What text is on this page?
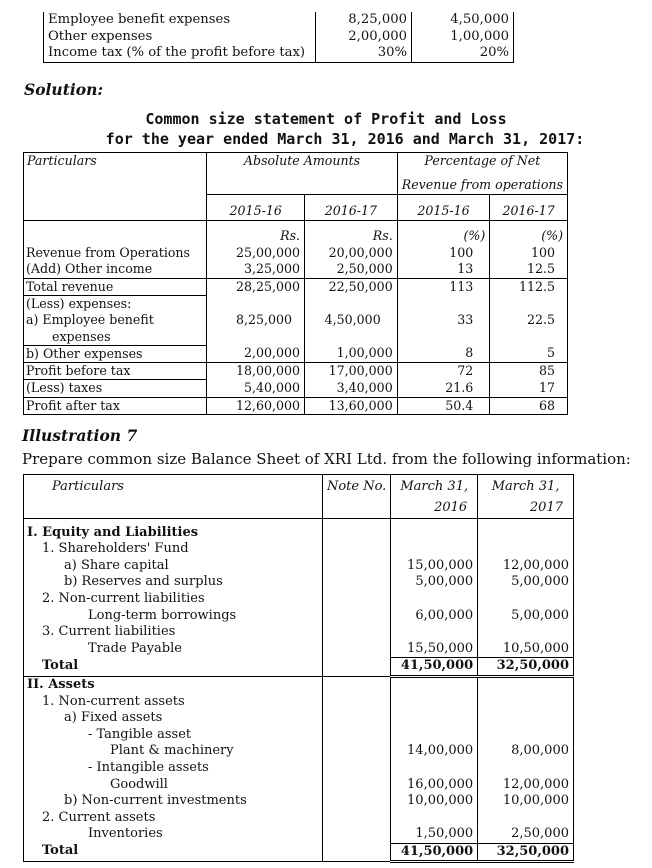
Employee benefit expenses	8,25,000	4,50,000
Other expenses	2,00,000	1,00,000
Income tax (% of the profit before tax)	30%	20%
Solution:
Common size statement of Profit and Loss
for the year ended March 31, 2016 and March 31, 2017:
Particulars	Absolute Amounts		Percentage of Net	
			Revenue from operations	
	2015-16	2016-17	2015-16	2016-17
	Rs.	Rs.	(%)	(%)
Revenue from Operations	25,00,000	20,00,000	100	100
(Add) Other income	3,25,000	2,50,000	13	12.5
Total revenue	28,25,000	22,50,000	113	112.5
(Less) expenses:				
a) Employee benefit	8,25,000	4,50,000	33	22.5
expenses				
b) Other expenses	2,00,000	1,00,000	8	5
Profit before tax	18,00,000	17,00,000	72	85
(Less) taxes	5,40,000	3,40,000	21.6	17
Profit after tax	12,60,000	13,60,000	50.4	68
Illustration 7
Prepare common size Balance Sheet of XRI Ltd. from the following information:
Particulars	Note No.	March 31,	March 31,
		2016	2017
I. Equity and Liabilities			
1. Shareholders' Fund			
a) Share capital		15,00,000	12,00,000
b) Reserves and surplus		5,00,000	5,00,000
2. Non-current liabilities			
Long-term borrowings		6,00,000	5,00,000
3. Current liabilities			
Trade Payable		15,50,000	10,50,000
Total		41,50,000	32,50,000
II. Assets			
1. Non-current assets			
a) Fixed assets			
- Tangible asset			
Plant & machinery		14,00,000	8,00,000
- Intangible assets			
Goodwill		16,00,000	12,00,000
b) Non-current investments		10,00,000	10,00,000
2. Current assets			
Inventories		1,50,000	2,50,000
Total		41,50,000	32,50,000
